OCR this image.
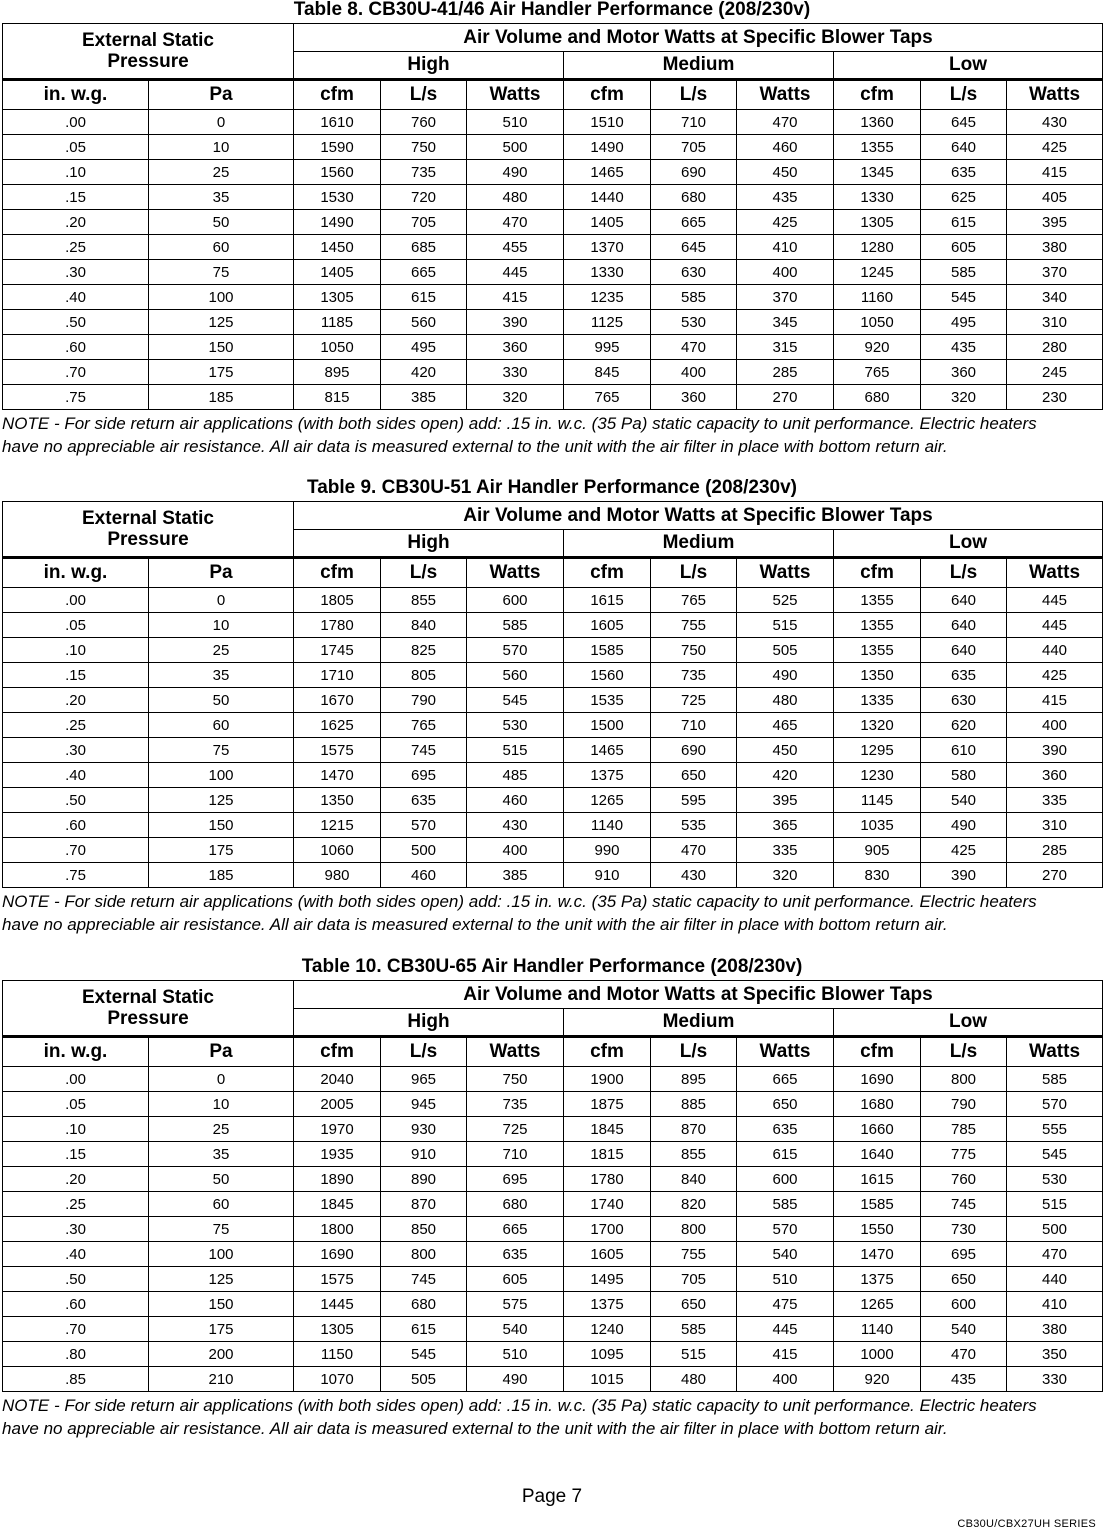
Table 8. CB30U-41/46 Air Handler Performance (208/230v)
External Static
Pressure		Air Volume and Motor Watts at Specific Blower Taps								
		High			Medium			Low		
in. w.g.	Pa	cfm	L/s	Watts	cfm	L/s	Watts	cfm	L/s	Watts
.00	0	1610	760	510	1510	710	470	1360	645	430
.05	10	1590	750	500	1490	705	460	1355	640	425
.10	25	1560	735	490	1465	690	450	1345	635	415
.15	35	1530	720	480	1440	680	435	1330	625	405
.20	50	1490	705	470	1405	665	425	1305	615	395
.25	60	1450	685	455	1370	645	410	1280	605	380
.30	75	1405	665	445	1330	630	400	1245	585	370
.40	100	1305	615	415	1235	585	370	1160	545	340
.50	125	1185	560	390	1125	530	345	1050	495	310
.60	150	1050	495	360	995	470	315	920	435	280
.70	175	895	420	330	845	400	285	765	360	245
.75	185	815	385	320	765	360	270	680	320	230
NOTE - For side return air applications (with both sides open) add: .15 in. w.c. (35 Pa) static capacity to unit performance. Electric heaters
have no appreciable air resistance. All air data is measured external to the unit with the air filter in place with bottom return air.
Table 9. CB30U-51 Air Handler Performance (208/230v)
External Static
Pressure		Air Volume and Motor Watts at Specific Blower Taps								
		High			Medium			Low		
in. w.g.	Pa	cfm	L/s	Watts	cfm	L/s	Watts	cfm	L/s	Watts
.00	0	1805	855	600	1615	765	525	1355	640	445
.05	10	1780	840	585	1605	755	515	1355	640	445
.10	25	1745	825	570	1585	750	505	1355	640	440
.15	35	1710	805	560	1560	735	490	1350	635	425
.20	50	1670	790	545	1535	725	480	1335	630	415
.25	60	1625	765	530	1500	710	465	1320	620	400
.30	75	1575	745	515	1465	690	450	1295	610	390
.40	100	1470	695	485	1375	650	420	1230	580	360
.50	125	1350	635	460	1265	595	395	1145	540	335
.60	150	1215	570	430	1140	535	365	1035	490	310
.70	175	1060	500	400	990	470	335	905	425	285
.75	185	980	460	385	910	430	320	830	390	270
NOTE - For side return air applications (with both sides open) add: .15 in. w.c. (35 Pa) static capacity to unit performance. Electric heaters
have no appreciable air resistance. All air data is measured external to the unit with the air filter in place with bottom return air.
Table 10. CB30U-65 Air Handler Performance (208/230v)
External Static
Pressure		Air Volume and Motor Watts at Specific Blower Taps								
		High			Medium			Low		
in. w.g.	Pa	cfm	L/s	Watts	cfm	L/s	Watts	cfm	L/s	Watts
.00	0	2040	965	750	1900	895	665	1690	800	585
.05	10	2005	945	735	1875	885	650	1680	790	570
.10	25	1970	930	725	1845	870	635	1660	785	555
.15	35	1935	910	710	1815	855	615	1640	775	545
.20	50	1890	890	695	1780	840	600	1615	760	530
.25	60	1845	870	680	1740	820	585	1585	745	515
.30	75	1800	850	665	1700	800	570	1550	730	500
.40	100	1690	800	635	1605	755	540	1470	695	470
.50	125	1575	745	605	1495	705	510	1375	650	440
.60	150	1445	680	575	1375	650	475	1265	600	410
.70	175	1305	615	540	1240	585	445	1140	540	380
.80	200	1150	545	510	1095	515	415	1000	470	350
.85	210	1070	505	490	1015	480	400	920	435	330
NOTE - For side return air applications (with both sides open) add: .15 in. w.c. (35 Pa) static capacity to unit performance. Electric heaters
have no appreciable air resistance. All air data is measured external to the unit with the air filter in place with bottom return air.
Page 7
CB30U/CBX27UH SERIES
